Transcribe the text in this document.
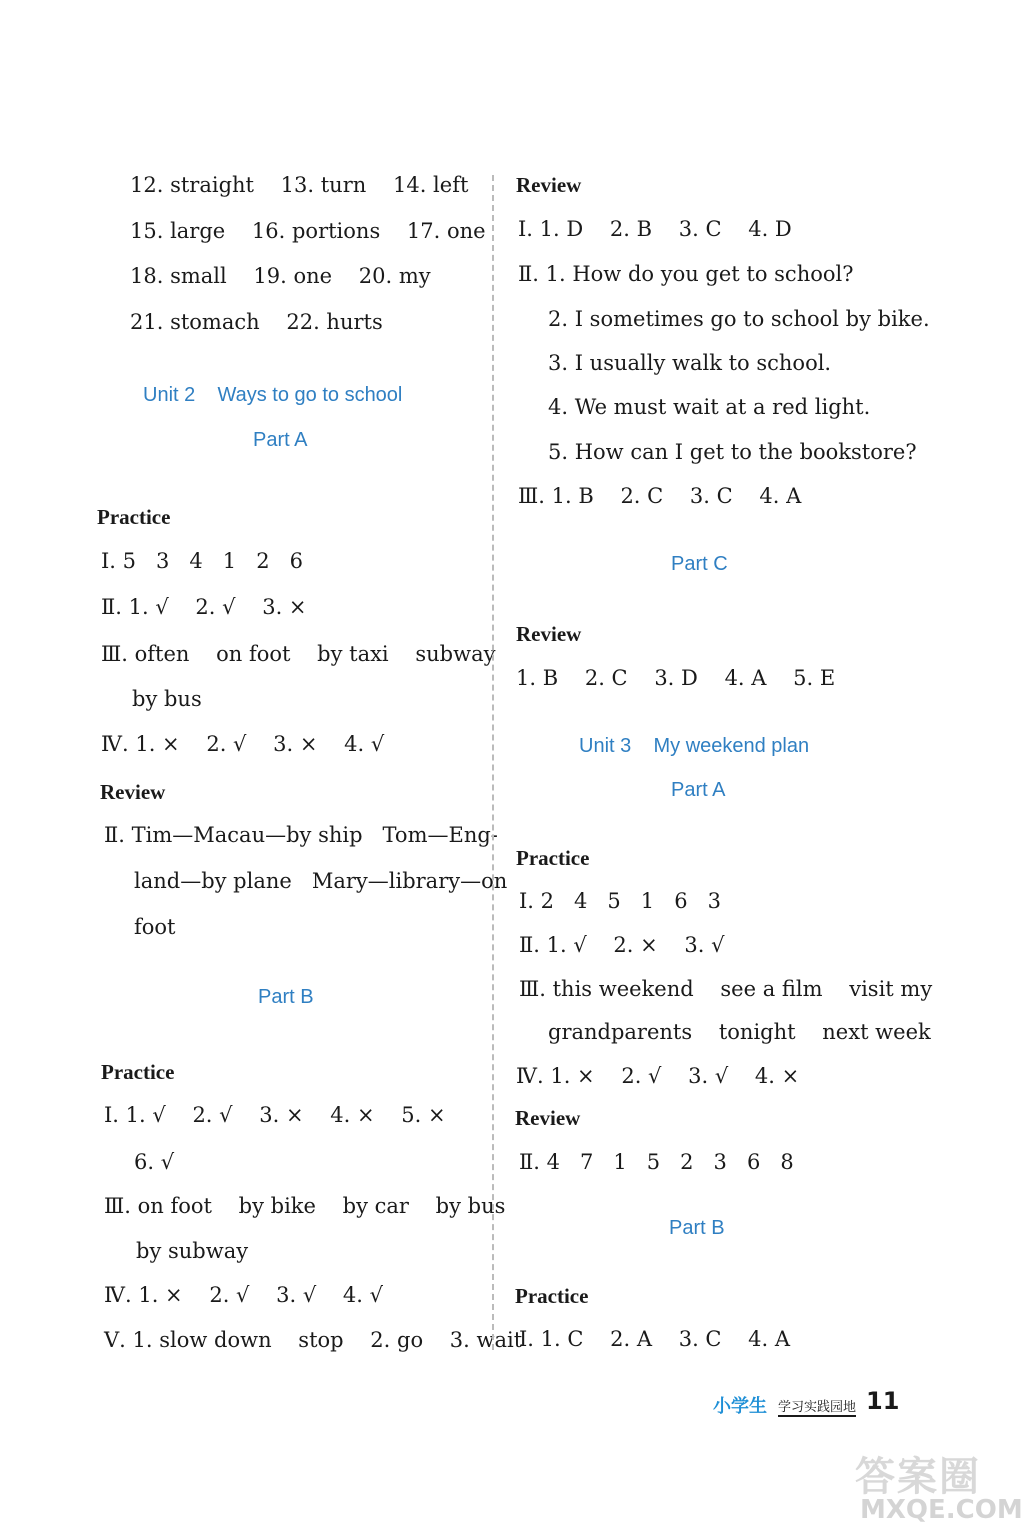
12. straight    13. turn    14. left
15. large    16. portions    17. one
18. small    19. one    20. my
21. stomach    22. hurts
Unit 2    Ways to go to school
Part A
Practice
Ⅰ. 5   3   4   1   2   6
Ⅱ. 1. √    2. √    3. ×
Ⅲ. often    on foot    by taxi    subway
by bus
Ⅳ. 1. ×    2. √    3. ×    4. √
Review
Ⅱ. Tim—Macau—by ship   Tom—Eng-
land—by plane   Mary—library—on
foot
Part B
Practice
Ⅰ. 1. √    2. √    3. ×    4. ×    5. ×
6. √
Ⅲ. on foot    by bike    by car    by bus
by subway
Ⅳ. 1. ×    2. √    3. √    4. √
Ⅴ. 1. slow down    stop    2. go    3. wait
Review
Ⅰ. 1. D    2. B    3. C    4. D
Ⅱ. 1. How do you get to school?
2. I sometimes go to school by bike.
3. I usually walk to school.
4. We must wait at a red light.
5. How can I get to the bookstore?
Ⅲ. 1. B    2. C    3. C    4. A
Part C
Review
1. B    2. C    3. D    4. A    5. E
Unit 3    My weekend plan
Part A
Practice
Ⅰ. 2   4   5   1   6   3
Ⅱ. 1. √    2. ×    3. √
Ⅲ. this weekend    see a film    visit my
grandparents    tonight    next week
Ⅳ. 1. ×    2. √    3. √    4. ×
Review
Ⅱ. 4   7   1   5   2   3   6   8
Part B
Practice
Ⅰ. 1. C    2. A    3. C    4. A
小学生 学习实践园地 11
答案圈
MXQE.COM
